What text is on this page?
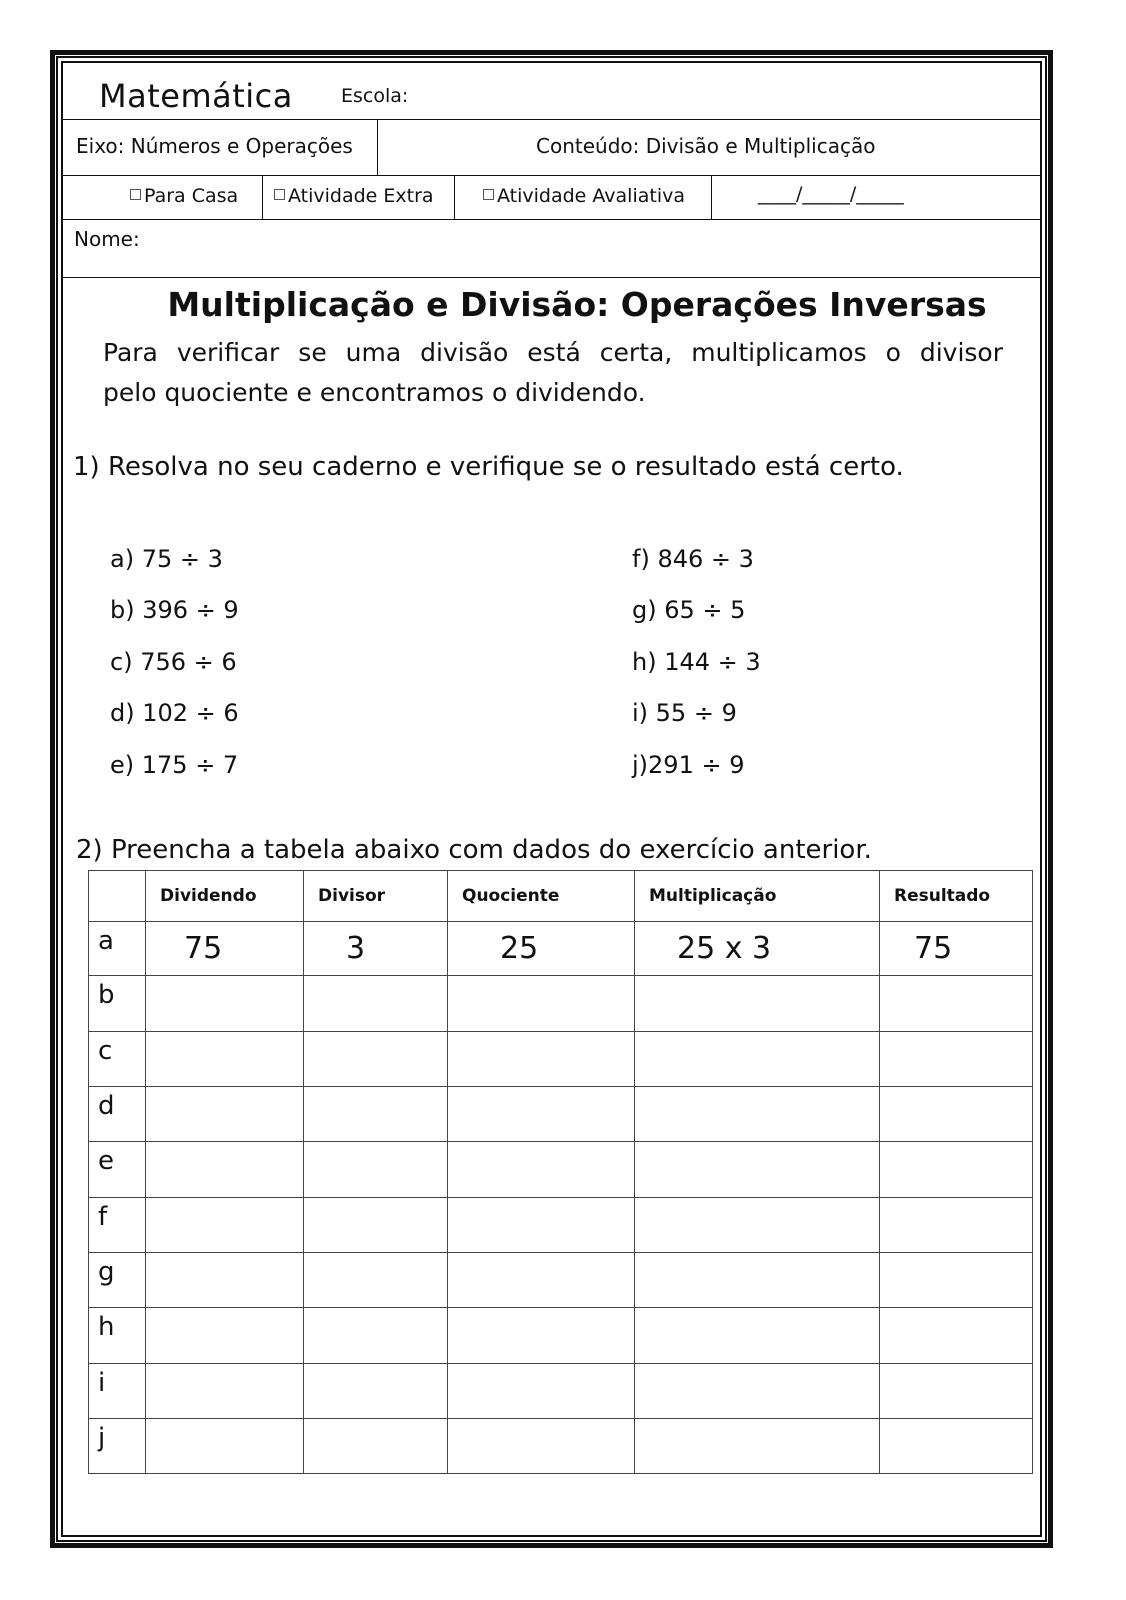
Matemática	Escola:
Eixo: Números e Operações	Conteúdo: Divisão e Multiplicação
Para Casa	Atividade Extra	Atividade Avaliativa	____/_____/_____
Nome:
Multiplicação e Divisão: Operações Inversas
Para verificar se uma divisão está certa, multiplicamos o divisor
pelo quociente e encontramos o dividendo.
1) Resolva no seu caderno e verifique se o resultado está certo.
a) 75 ÷ 3
b) 396 ÷ 9
c) 756 ÷ 6
d) 102 ÷ 6
e) 175 ÷ 7
f) 846 ÷ 3
g) 65 ÷ 5
h) 144 ÷ 3
i) 55 ÷ 9
j)291 ÷ 9
2) Preencha a tabela abaixo com dados do exercício anterior.
	Dividendo	Divisor	Quociente	Multiplicação	Resultado
a	75	3	25	25 x 3	75
b					
c					
d					
e					
f					
g					
h					
i					
j					
